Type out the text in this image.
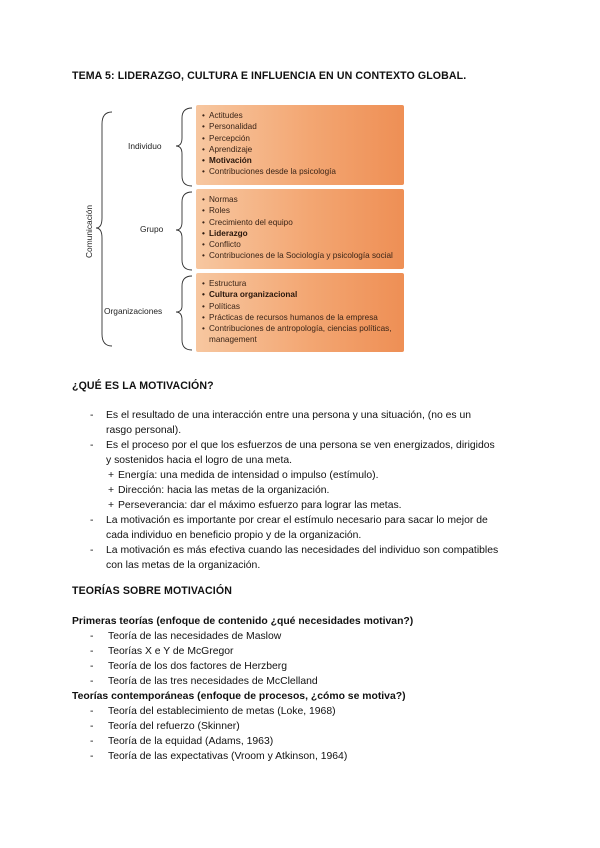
TEMA 5: LIDERAZGO, CULTURA E INFLUENCIA EN UN CONTEXTO GLOBAL.
Comunicación
Individuo
Grupo
Organizaciones
• Actitudes
• Personalidad
• Percepción
• Aprendizaje
• Motivación
• Contribuciones desde la psicología
• Normas
• Roles
• Crecimiento del equipo
• Liderazgo
• Conflicto
• Contribuciones de la Sociología y psicología social
• Estructura
• Cultura organizacional
• Políticas
• Prácticas de recursos humanos de la empresa
• Contribuciones de antropología, ciencias políticas,
management
¿QUÉ ES LA MOTIVACIÓN?
- Es el resultado de una interacción entre una persona y una situación, (no es un
rasgo personal).
- Es el proceso por el que los esfuerzos de una persona se ven energizados, dirigidos
y sostenidos hacia el logro de una meta.
+ Energía: una medida de intensidad o impulso (estímulo).
+ Dirección: hacia las metas de la organización.
+ Perseverancia: dar el máximo esfuerzo para lograr las metas.
- La motivación es importante por crear el estímulo necesario para sacar lo mejor de
cada individuo en beneficio propio y de la organización.
- La motivación es más efectiva cuando las necesidades del individuo son compatibles
con las metas de la organización.
TEORÍAS SOBRE MOTIVACIÓN
Primeras teorías (enfoque de contenido ¿qué necesidades motivan?)
- Teoría de las necesidades de Maslow
- Teorías X e Y de McGregor
- Teoría de los dos factores de Herzberg
- Teoría de las tres necesidades de McClelland
Teorías contemporáneas (enfoque de procesos, ¿cómo se motiva?)
- Teoría del establecimiento de metas (Loke, 1968)
- Teoría del refuerzo (Skinner)
- Teoría de la equidad (Adams, 1963)
- Teoría de las expectativas (Vroom y Atkinson, 1964)
